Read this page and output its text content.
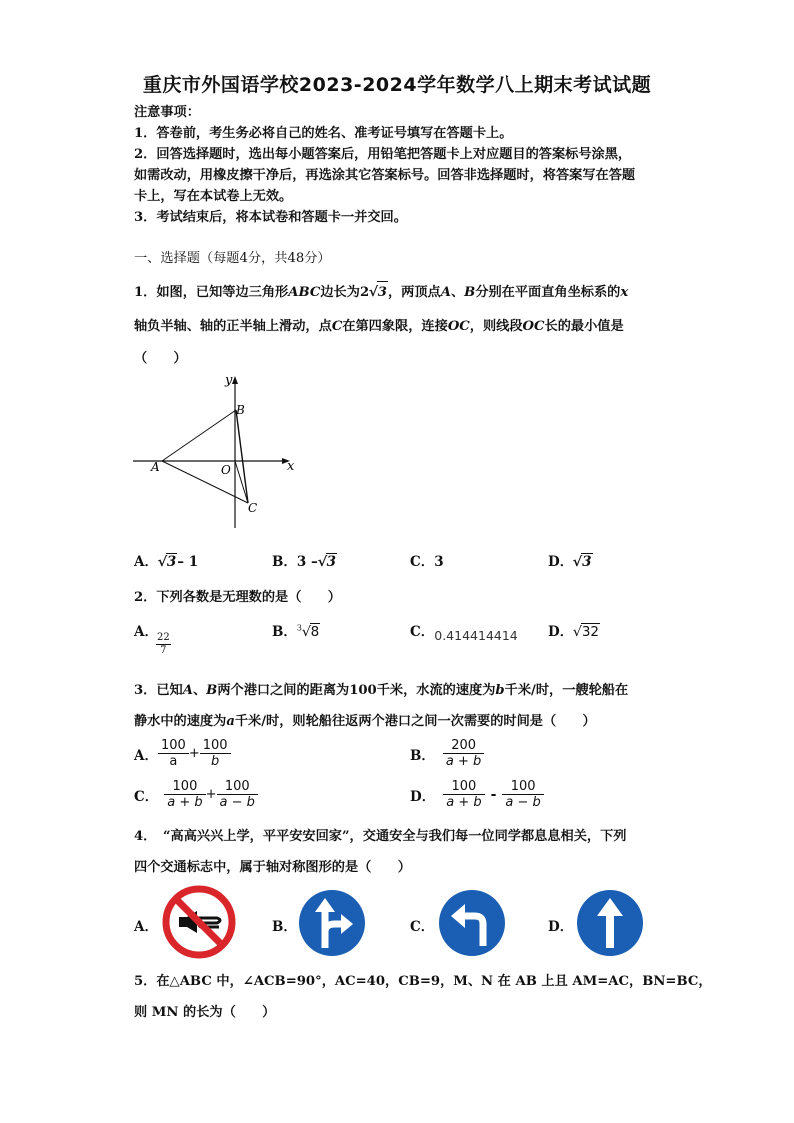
重庆市外国语学校2023-2024学年数学八上期末考试试题
注意事项：
1．答卷前，考生务必将自己的姓名、准考证号填写在答题卡上。
2．回答选择题时，选出每小题答案后，用铅笔把答题卡上对应题目的答案标号涂黑，
如需改动，用橡皮擦干净后，再选涂其它答案标号。回答非选择题时，将答案写在答题
卡上，写在本试卷上无效。
3．考试结束后，将本试卷和答题卡一并交回。
一、选择题（每题4分，共48分）
1．如图，已知等边三角形ABC边长为2√3，两顶点A、B分别在平面直角坐标系的x
轴负半轴、轴的正半轴上滑动，点C在第四象限，连接OC，则线段OC长的最小值是
（　　）
y
x
A
B
O
C
A．√3– 1	B．3 –√3	C．3	D．√3
2．下列各数是无理数的是（　　）
A．
$\frac{22}{7}$	B．$^3$√8	C．0.414414414 D．√32
3．已知A、B两个港口之间的距离为100千米，水流的速度为b千米/时，一艘轮船在
静水中的速度为a千米/时，则轮船往返两个港口之间一次需要的时间是（　　）
A． $\frac{100}{a} + \frac{100}{b}$	B． $\frac{200}{a + b}$
C． $\frac{100}{a + b} + \frac{100}{a - b}$	D． $\frac{100}{a + b} - \frac{100}{a - b}$
4．　“高高兴兴上学，平平安安回家”，交通安全与我们每一位同学都息息相关，下列
四个交通标志中，属于轴对称图形的是（　　）
A．	B．	C．	D．
5．在△ABC 中，∠ACB=90°，AC=40，CB=9，M、N 在 AB 上且 AM=AC，BN=BC，
则 MN 的长为（　　）
